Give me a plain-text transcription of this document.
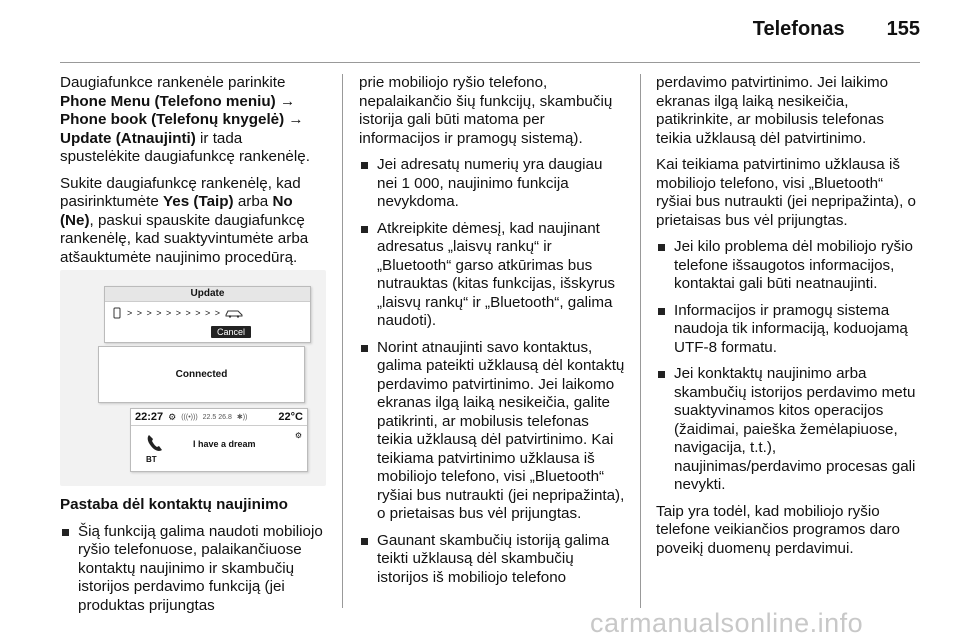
Telefonas 155

Daugiafunkce rankenėle parinkite
Phone Menu (Telefono meniu) →
Phone book (Telefonų knygelė) →
Update (Atnaujinti) ir tada spustelėkite daugiafunkcę rankenėlę.

Sukite daugiafunkcę rankenėlę, kad pasirinktumėte Yes (Taip) arba No (Ne), paskui spauskite daugiafunkcę rankenėlę, kad suaktyvintumėte arba atšauktumėte naujinimo procedūrą.

Update
> > > > > > > > > >
Cancel
Connected
22:27 ⚙ (((•))) 22.5 26.8 ✱))	22°C
⚙
I have a dream
BT

Pastaba dėl kontaktų naujinimo

Šią funkciją galima naudoti mobiliojo ryšio telefonuose, palaikančiuose kontaktų naujinimo ir skambučių istorijos perdavimo funkciją (jei produktas prijungtas

prie mobiliojo ryšio telefono, nepalaikančio šių funkcijų, skambučių istorija gali būti matoma per informacijos ir pramogų sistemą).

Jei adresatų numerių yra daugiau nei 1 000, naujinimo funkcija nevykdoma.
Atkreipkite dėmesį, kad naujinant adresatus „laisvų rankų“ ir „Bluetooth“ garso atkūrimas bus nutrauktas (kitas funkcijas, išskyrus „laisvų rankų“ ir „Bluetooth“, galima naudoti).
Norint atnaujinti savo kontaktus, galima pateikti užklausą dėl kontaktų perdavimo patvirtinimo. Jei laikomo ekranas ilgą laiką nesikeičia, galite patikrinti, ar mobilusis telefonas teikia užklausą dėl patvirtinimo. Kai teikiama patvirtinimo užklausa iš mobiliojo telefono, visi „Bluetooth“ ryšiai bus nutraukti (jei nepripažinta), o prietaisas bus vėl prijungtas.
Gaunant skambučių istoriją galima teikti užklausą dėl skambučių istorijos iš mobiliojo telefono

perdavimo patvirtinimo. Jei laikimo ekranas ilgą laiką nesikeičia, patikrinkite, ar mobilusis telefonas teikia užklausą dėl patvirtinimo.

Kai teikiama patvirtinimo užklausa iš mobiliojo telefono, visi „Bluetooth“ ryšiai bus nutraukti (jei nepripažinta), o prietaisas bus vėl prijungtas.

Jei kilo problema dėl mobiliojo ryšio telefone išsaugotos informacijos, kontaktai gali būti neatnaujinti.
Informacijos ir pramogų sistema naudoja tik informaciją, koduojamą UTF-8 formatu.
Jei konktaktų naujinimo arba skambučių istorijos perdavimo metu suaktyvinamos kitos operacijos (žaidimai, paieška žemėlapiuose, navigacija, t.t.), naujinimas/perdavimo procesas gali nevykti.

Taip yra todėl, kad mobiliojo ryšio telefone veikiančios programos daro poveikį duomenų perdavimui.

carmanualsonline.info
